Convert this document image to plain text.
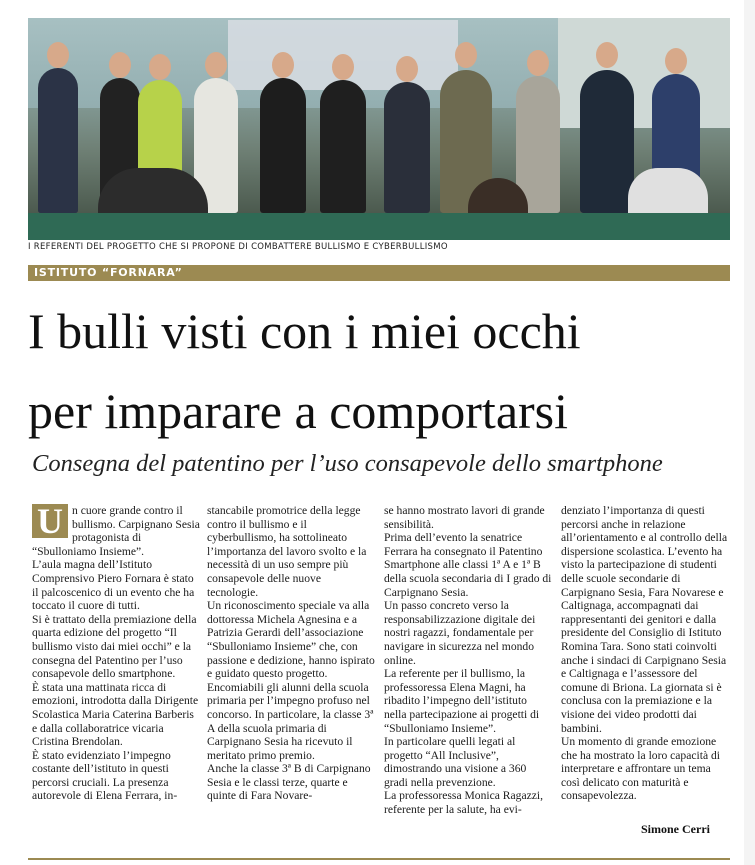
I REFERENTI DEL PROGETTO CHE SI PROPONE DI COMBATTERE BULLISMO E CYBERBULLISMO
ISTITUTO “FORNARA”
I bulli visti con i miei occhi
per imparare a comportarsi
Consegna del patentino per l’uso consapevole dello smartphone
U n cuore grande contro il bullismo. Carpignano Sesia protagonista di “Sbulloniamo Insieme”.

L’aula magna dell’Istituto Comprensivo Piero Fornara è stato il palcoscenico di un evento che ha toccato il cuore di tutti.

Si è trattato della premiazione della quarta edizione del progetto “Il bullismo visto dai miei occhi” e la consegna del Patentino per l’uso consapevole dello smartphone.

È stata una mattinata ricca di emozioni, introdotta dalla Dirigente Scolastica Maria Caterina Barberis e dalla collaboratrice vicaria Cristina Brendolan.

È stato evidenziato l’impegno costante dell’istituto in questi percorsi cruciali. La presenza autorevole di Elena Ferrara, in-

stancabile promotrice della legge contro il bullismo e il cyberbullismo, ha sottolineato l’importanza del lavoro svolto e la necessità di un uso sempre più consapevole delle nuove tecnologie.

Un riconoscimento speciale va alla dottoressa Michela Agnesina e a Patrizia Gerardi dell’associazione “Sbulloniamo Insieme” che, con passione e dedizione, hanno ispirato e guidato questo progetto. Encomiabili gli alunni della scuola primaria per l’impegno profuso nel concorso. In particolare, la classe 3ª A della scuola primaria di Carpignano Sesia ha ricevuto il meritato primo premio.

Anche la classe 3ª B di Carpignano Sesia e le classi terze, quarte e quinte di Fara Novare-

se hanno mostrato lavori di grande sensibilità.

Prima dell’evento la senatrice Ferrara ha consegnato il Patentino Smartphone alle classi 1ª A e 1ª B della scuola secondaria di I grado di Carpignano Sesia.

Un passo concreto verso la responsabilizzazione digitale dei nostri ragazzi, fondamentale per navigare in sicurezza nel mondo online.

La referente per il bullismo, la professoressa Elena Magni, ha ribadito l’impegno dell’istituto nella partecipazione ai progetti di “Sbulloniamo Insieme”.

In particolare quelli legati al progetto “All Inclusive”, dimostrando una visione a 360 gradi nella prevenzione.

La professoressa Monica Ragazzi, referente per la salute, ha evi-

denziato l’importanza di questi percorsi anche in relazione all’orientamento e al controllo della dispersione scolastica. L’evento ha visto la partecipazione di studenti delle scuole secondarie di Carpignano Sesia, Fara Novarese e Caltignaga, accompagnati dai rappresentanti dei genitori e dalla presidente del Consiglio di Istituto Romina Tara. Sono stati coinvolti anche i sindaci di Carpignano Sesia e Caltignaga e l’assessore del comune di Briona. La giornata si è conclusa con la premiazione e la visione dei video prodotti dai bambini.

Un momento di grande emozione che ha mostrato la loro capacità di interpretare e affrontare un tema così delicato con maturità e consapevolezza.

Simone Cerri
